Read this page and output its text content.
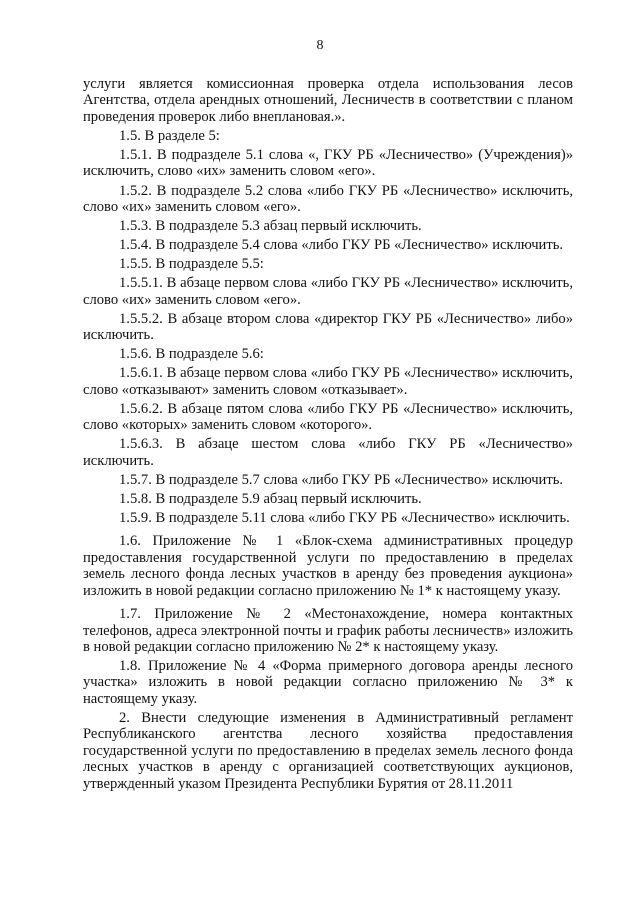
8

услуги является комиссионная проверка отдела использования лесов Агентства, отдела арендных отношений, Лесничеств в соответствии с планом проведения проверок либо внеплановая.».

1.5. В разделе 5:

1.5.1. В подразделе 5.1 слова «, ГКУ РБ «Лесничество» (Учреждения)» исключить, слово «их» заменить словом «его».

1.5.2. В подразделе 5.2 слова «либо ГКУ РБ «Лесничество» исключить, слово «их» заменить словом «его».

1.5.3. В подразделе 5.3 абзац первый исключить.

1.5.4. В подразделе 5.4 слова «либо ГКУ РБ «Лесничество» исключить.

1.5.5. В подразделе 5.5:

1.5.5.1. В абзаце первом слова «либо ГКУ РБ «Лесничество» исключить, слово «их» заменить словом «его».

1.5.5.2. В абзаце втором слова «директор ГКУ РБ «Лесничество» либо» исключить.

1.5.6. В подразделе 5.6:

1.5.6.1. В абзаце первом слова «либо ГКУ РБ «Лесничество» исключить, слово «отказывают» заменить словом «отказывает».

1.5.6.2. В абзаце пятом слова «либо ГКУ РБ «Лесничество» исключить, слово «которых» заменить словом «которого».

1.5.6.3. В абзаце шестом слова «либо ГКУ РБ «Лесничество» исключить.

1.5.7. В подразделе 5.7 слова «либо ГКУ РБ «Лесничество» исключить.

1.5.8. В подразделе 5.9 абзац первый исключить.

1.5.9. В подразделе 5.11 слова «либо ГКУ РБ «Лесничество» исключить.

1.6. Приложение № 1 «Блок-схема административных процедур предоставления государственной услуги по предоставлению в пределах земель лесного фонда лесных участков в аренду без проведения аукциона» изложить в новой редакции согласно приложению № 1* к настоящему указу.

1.7. Приложение № 2 «Местонахождение, номера контактных телефонов, адреса электронной почты и график работы лесничеств» изложить в новой редакции согласно приложению № 2* к настоящему указу.

1.8. Приложение № 4 «Форма примерного договора аренды лесного участка» изложить в новой редакции согласно приложению № 3* к настоящему указу.

2. Внести следующие изменения в Административный регламент Республиканского агентства лесного хозяйства предоставления государственной услуги по предоставлению в пределах земель лесного фонда лесных участков в аренду с организацией соответствующих аукционов, утвержденный указом Президента Республики Бурятия от 28.11.2011
